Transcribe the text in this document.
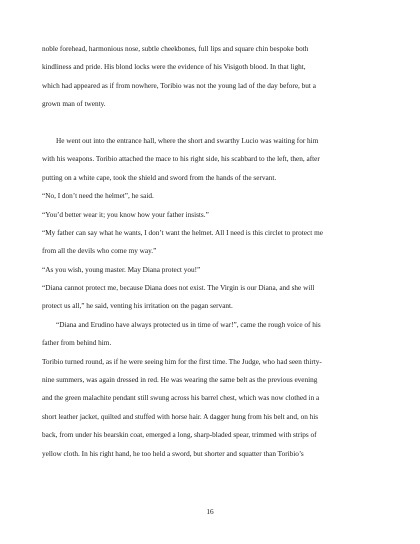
noble forehead, harmonious nose, subtle cheekbones, full lips and square chin bespoke both
kindliness and pride. His blond locks were the evidence of his Visigoth blood. In that light,
which had appeared as if from nowhere, Toribio was not the young lad of the day before, but a
grown man of twenty.
He went out into the entrance hall, where the short and swarthy Lucio was waiting for him
with his weapons. Toribio attached the mace to his right side, his scabbard to the left, then, after
putting on a white cape, took the shield and sword from the hands of the servant.
“No, I don’t need the helmet”, he said.
“You’d better wear it; you know how your father insists.”
“My father can say what he wants, I don’t want the helmet. All I need is this circlet to protect me
from all the devils who come my way.”
“As you wish, young master. May Diana protect you!”
“Diana cannot protect me, because Diana does not exist. The Virgin is our Diana, and she will
protect us all,” he said, venting his irritation on the pagan servant.
“Diana and Erudino have always protected us in time of war!”, came the rough voice of his
father from behind him.
Toribio turned round, as if he were seeing him for the first time. The Judge, who had seen thirty-
nine summers, was again dressed in red. He was wearing the same belt as the previous evening
and the green malachite pendant still swung across his barrel chest, which was now clothed in a
short leather jacket, quilted and stuffed with horse hair. A dagger hung from his belt and, on his
back, from under his bearskin coat, emerged a long, sharp-bladed spear, trimmed with strips of
yellow cloth. In his right hand, he too held a sword, but shorter and squatter than Toribio’s
16
